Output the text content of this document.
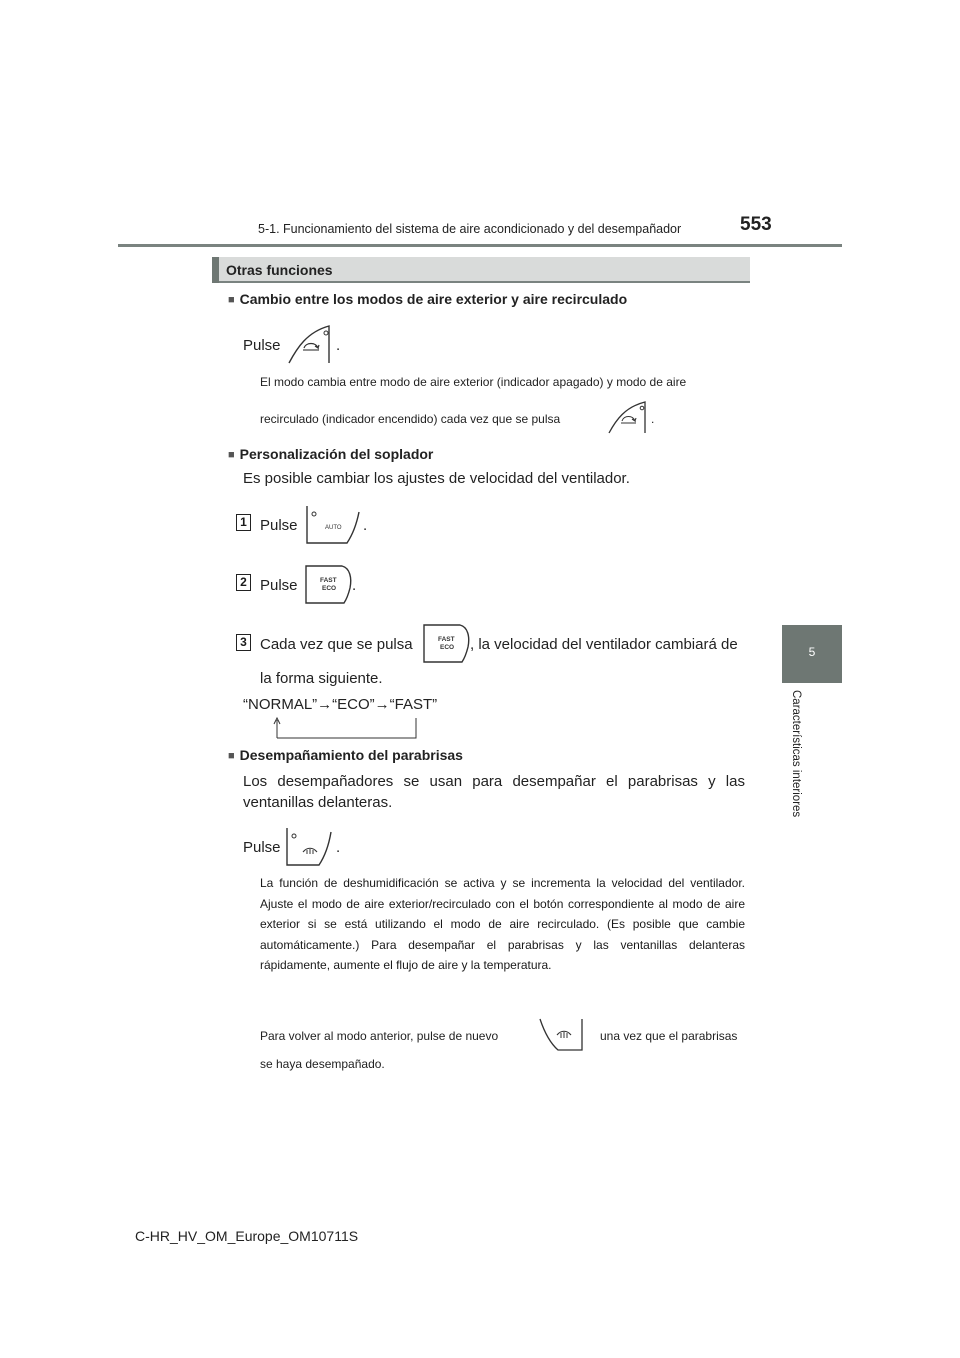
5-1. Funcionamiento del sistema de aire acondicionado y del desempañador	553
5
Características interiores
Otras funciones
■ Cambio entre los modos de aire exterior y aire recirculado
Pulse	.
El modo cambia entre modo de aire exterior (indicador apagado) y modo de aire
recirculado (indicador encendido) cada vez que se pulsa	.
■ Personalización del soplador
Es posible cambiar los ajustes de velocidad del ventilador.
1 Pulse	AUTO .
2 Pulse	FAST
ECO .
3 Cada vez que se pulsa	FAST
ECO , la velocidad del ventilador cambiará de
la forma siguiente.
“NORMAL”→“ECO”→“FAST”
■ Desempañamiento del parabrisas
Los desempañadores se usan para desempañar el parabrisas y las ventanillas delanteras.
Pulse	.
La función de deshumidificación se activa y se incrementa la velocidad del ventilador. Ajuste el modo de aire exterior/recirculado con el botón correspondiente al modo de aire exterior si se está utilizando el modo de aire recirculado. (Es posible que cambie automáticamente.) Para desempañar el parabrisas y las ventanillas delanteras rápidamente, aumente el flujo de aire y la temperatura.
Para volver al modo anterior, pulse de nuevo	una vez que el parabrisas
se haya desempañado.
C-HR_HV_OM_Europe_OM10711S
